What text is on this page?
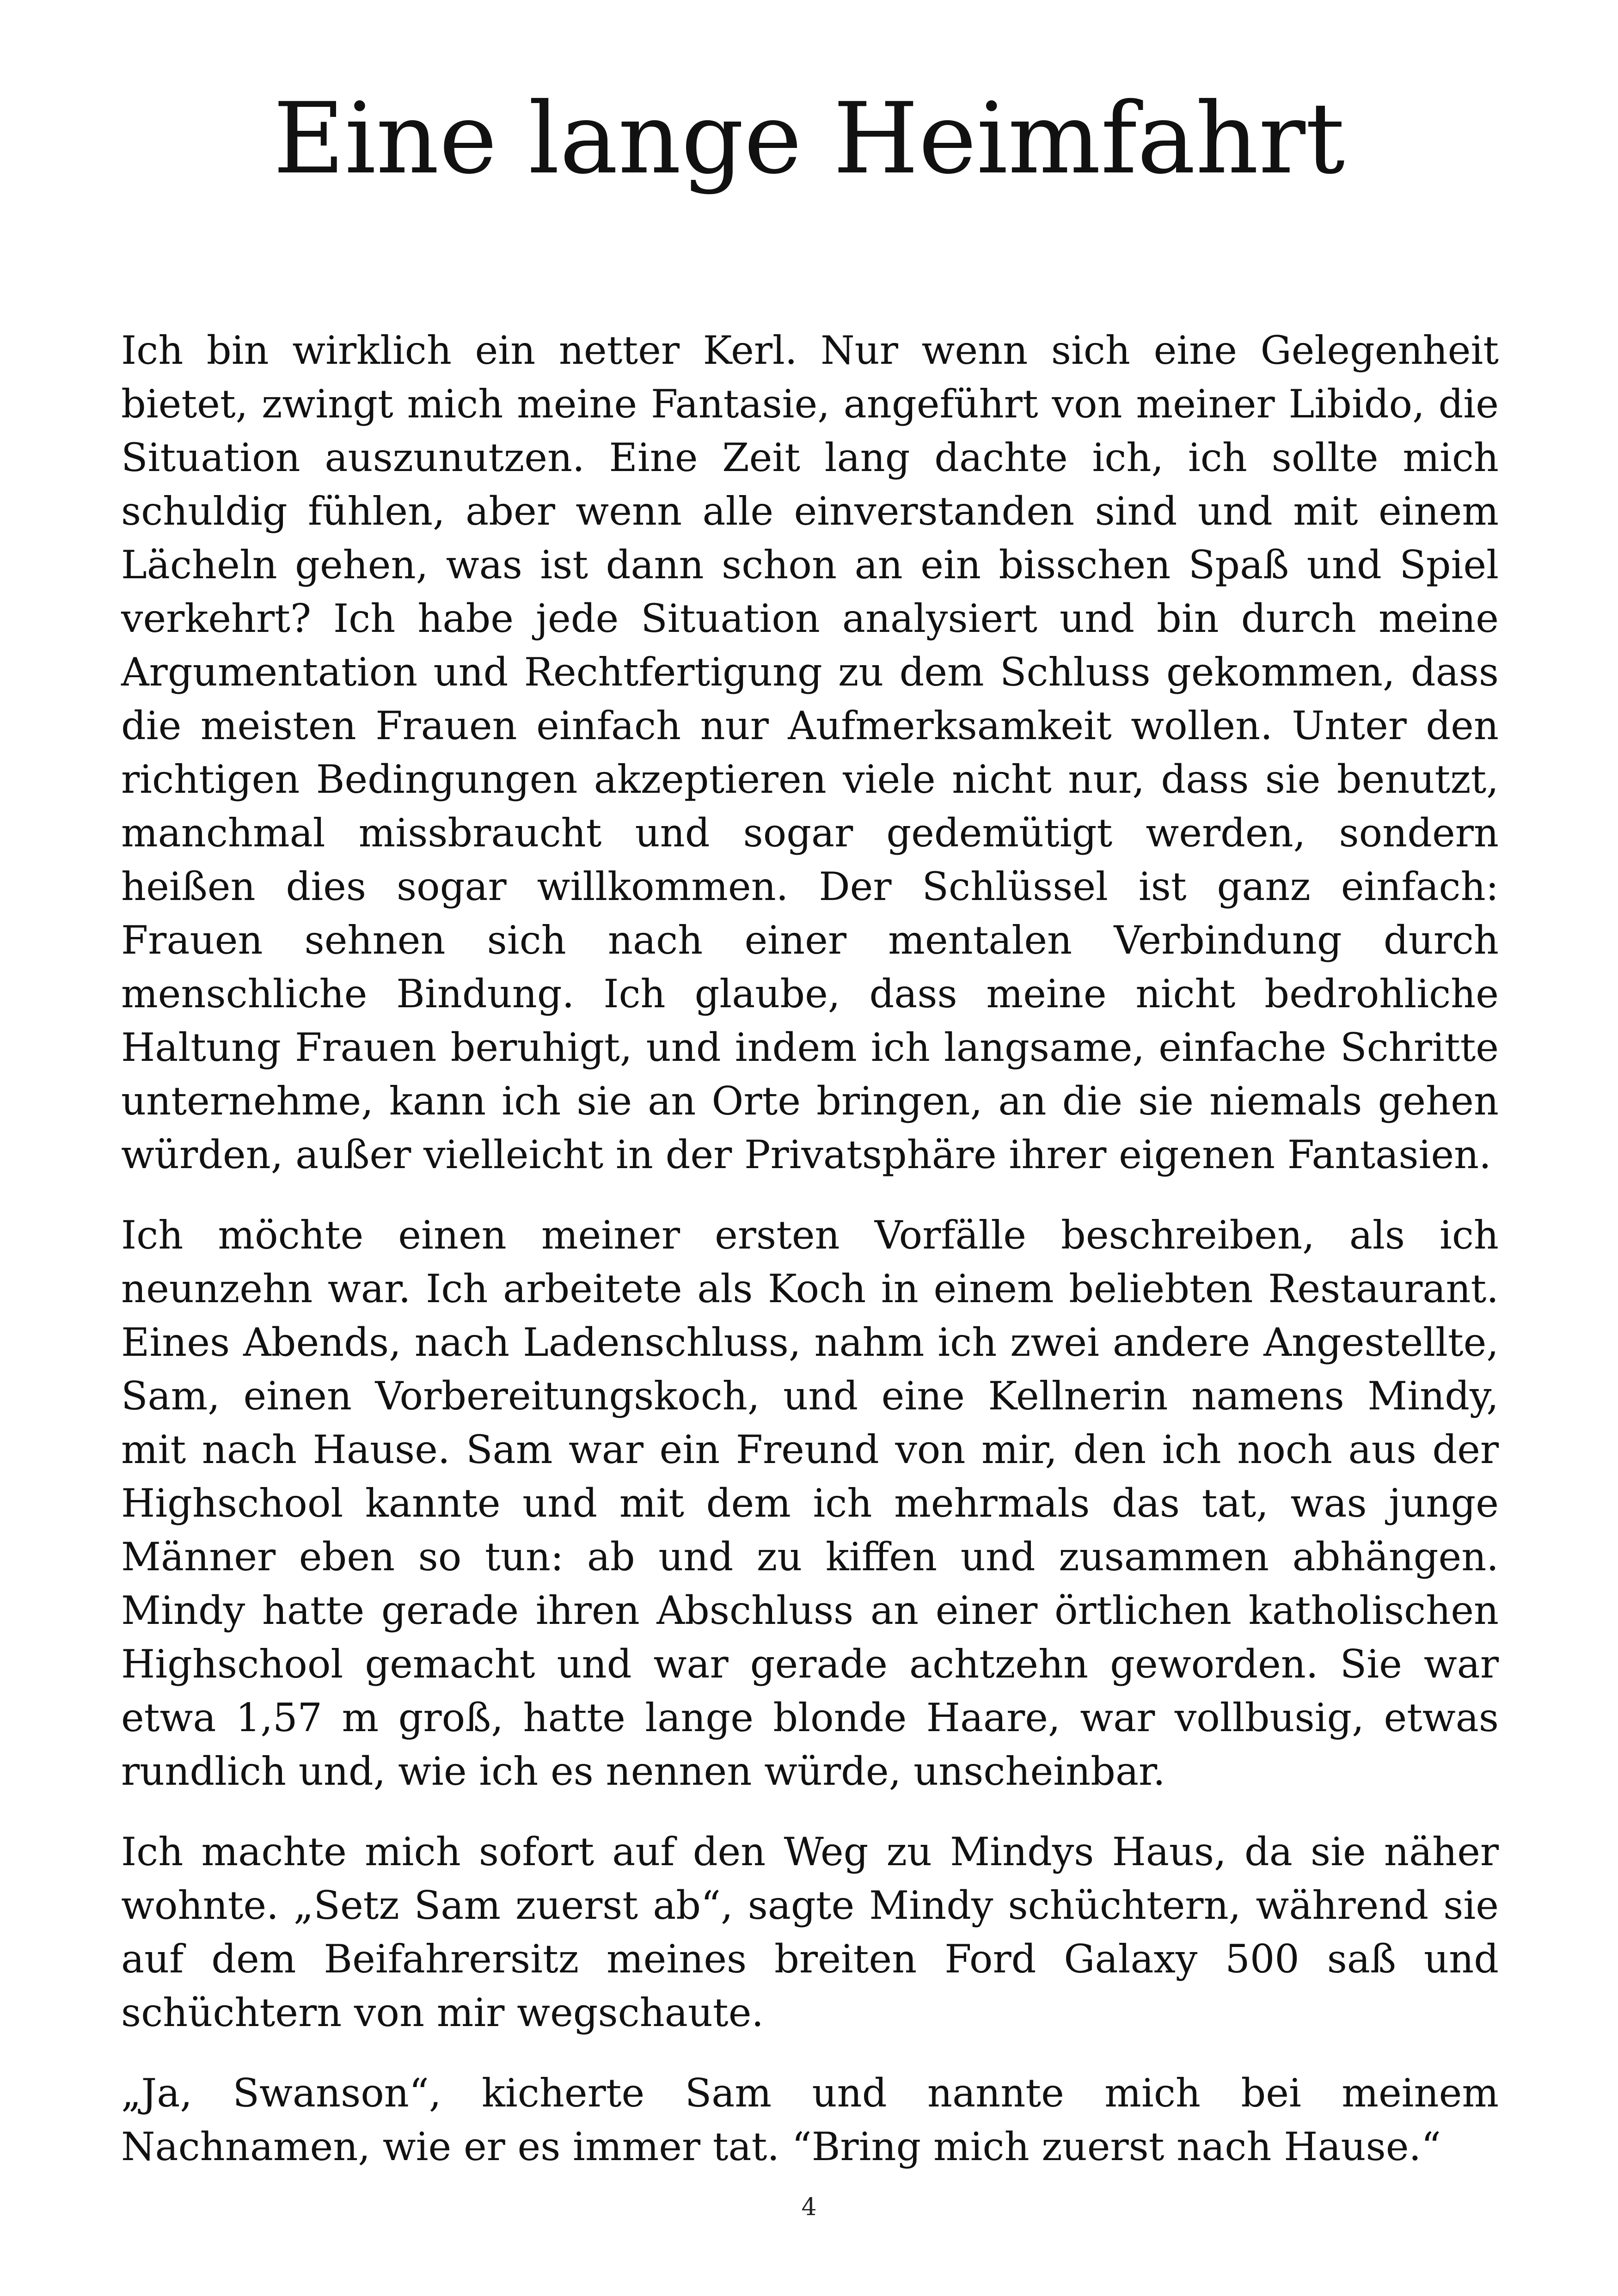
Eine lange Heimfahrt

Ich bin wirklich ein netter Kerl. Nur wenn sich eine Gelegenheit bietet, zwingt mich meine Fantasie, angeführt von meiner Libido, die Situation auszunutzen. Eine Zeit lang dachte ich, ich sollte mich schuldig fühlen, aber wenn alle einverstanden sind und mit einem Lächeln gehen, was ist dann schon an ein bisschen Spaß und Spiel verkehrt? Ich habe jede Situation analysiert und bin durch meine Argumentation und Rechtfertigung zu dem Schluss gekommen, dass die meisten Frauen einfach nur Aufmerksamkeit wollen. Unter den richtigen Bedingungen akzeptieren viele nicht nur, dass sie benutzt, manchmal missbraucht und sogar gedemütigt werden, sondern heißen dies sogar willkommen. Der Schlüssel ist ganz einfach: Frauen sehnen sich nach einer mentalen Verbindung durch menschliche Bindung. Ich glaube, dass meine nicht bedrohliche Haltung Frauen beruhigt, und indem ich langsame, einfache Schritte unternehme, kann ich sie an Orte bringen, an die sie niemals gehen würden, außer vielleicht in der Privatsphäre ihrer eigenen Fantasien.

Ich möchte einen meiner ersten Vorfälle beschreiben, als ich neunzehn war. Ich arbeitete als Koch in einem beliebten Restaurant. Eines Abends, nach Ladenschluss, nahm ich zwei andere Angestellte, Sam, einen Vorbereitungskoch, und eine Kellnerin namens Mindy, mit nach Hause. Sam war ein Freund von mir, den ich noch aus der Highschool kannte und mit dem ich mehrmals das tat, was junge Männer eben so tun: ab und zu kiffen und zusammen abhängen. Mindy hatte gerade ihren Abschluss an einer örtlichen katholischen Highschool gemacht und war gerade achtzehn geworden. Sie war etwa 1,57 m groß, hatte lange blonde Haare, war vollbusig, etwas rundlich und, wie ich es nennen würde, unscheinbar.

Ich machte mich sofort auf den Weg zu Mindys Haus, da sie näher wohnte. „Setz Sam zuerst ab“, sagte Mindy schüchtern, während sie auf dem Beifahrersitz meines breiten Ford Galaxy 500 saß und schüchtern von mir wegschaute.

„Ja, Swanson“, kicherte Sam und nannte mich bei meinem Nachnamen, wie er es immer tat. “Bring mich zuerst nach Hause.“

4
